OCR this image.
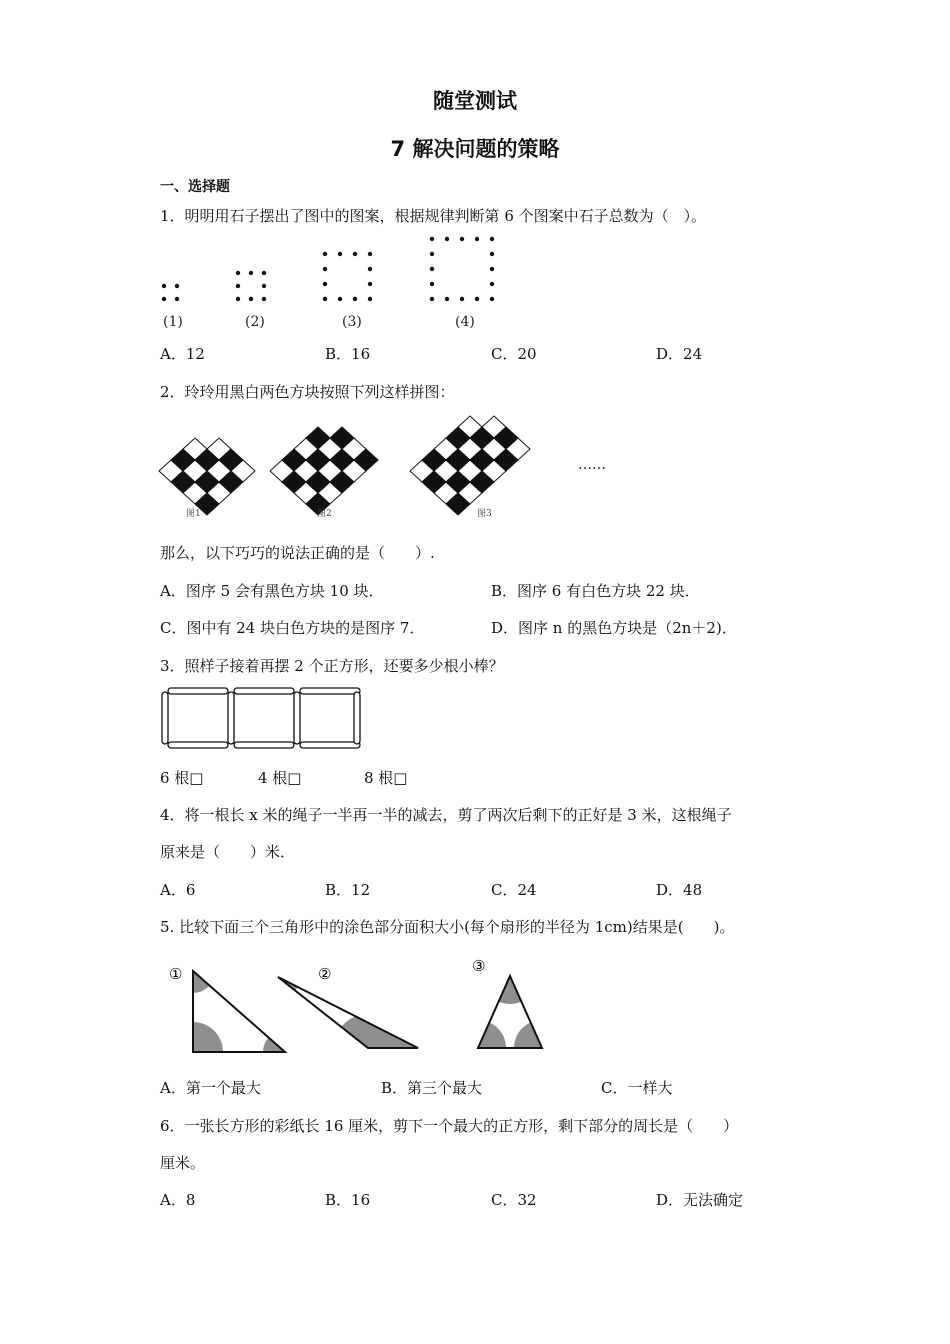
随堂测试
7 解决问题的策略
一、选择题
1．明明用石子摆出了图中的图案，根据规律判断第 6 个图案中石子总数为（　）。
(1)	(2)	(3)	(4)
A．12	B．16	C．20	D．24
2．玲玲用黑白两色方块按照下列这样拼图：
图1	图2	图3
……
那么，以下巧巧的说法正确的是（　　）.
A．图序 5 会有黑色方块 10 块．	B．图序 6 有白色方块 22 块．
C．图中有 24 块白色方块的是图序 7．	D．图序 n 的黑色方块是（2n＋2)．
3．照样子接着再摆 2 个正方形，还要多少根小棒？
6 根□	4 根□	8 根□
4．将一根长 x 米的绳子一半再一半的减去，剪了两次后剩下的正好是 3 米，这根绳子
原来是（　　）米．
A．6	B．12	C．24	D．48
5. 比较下面三个三角形中的涂色部分面积大小(每个扇形的半径为 1cm)结果是(　　)。
①	②	③
A．第一个最大	B．第三个最大	C．一样大
6．一张长方形的彩纸长 16 厘米，剪下一个最大的正方形，剩下部分的周长是（　　）
厘米。
A．8	B．16	C．32	D．无法确定
